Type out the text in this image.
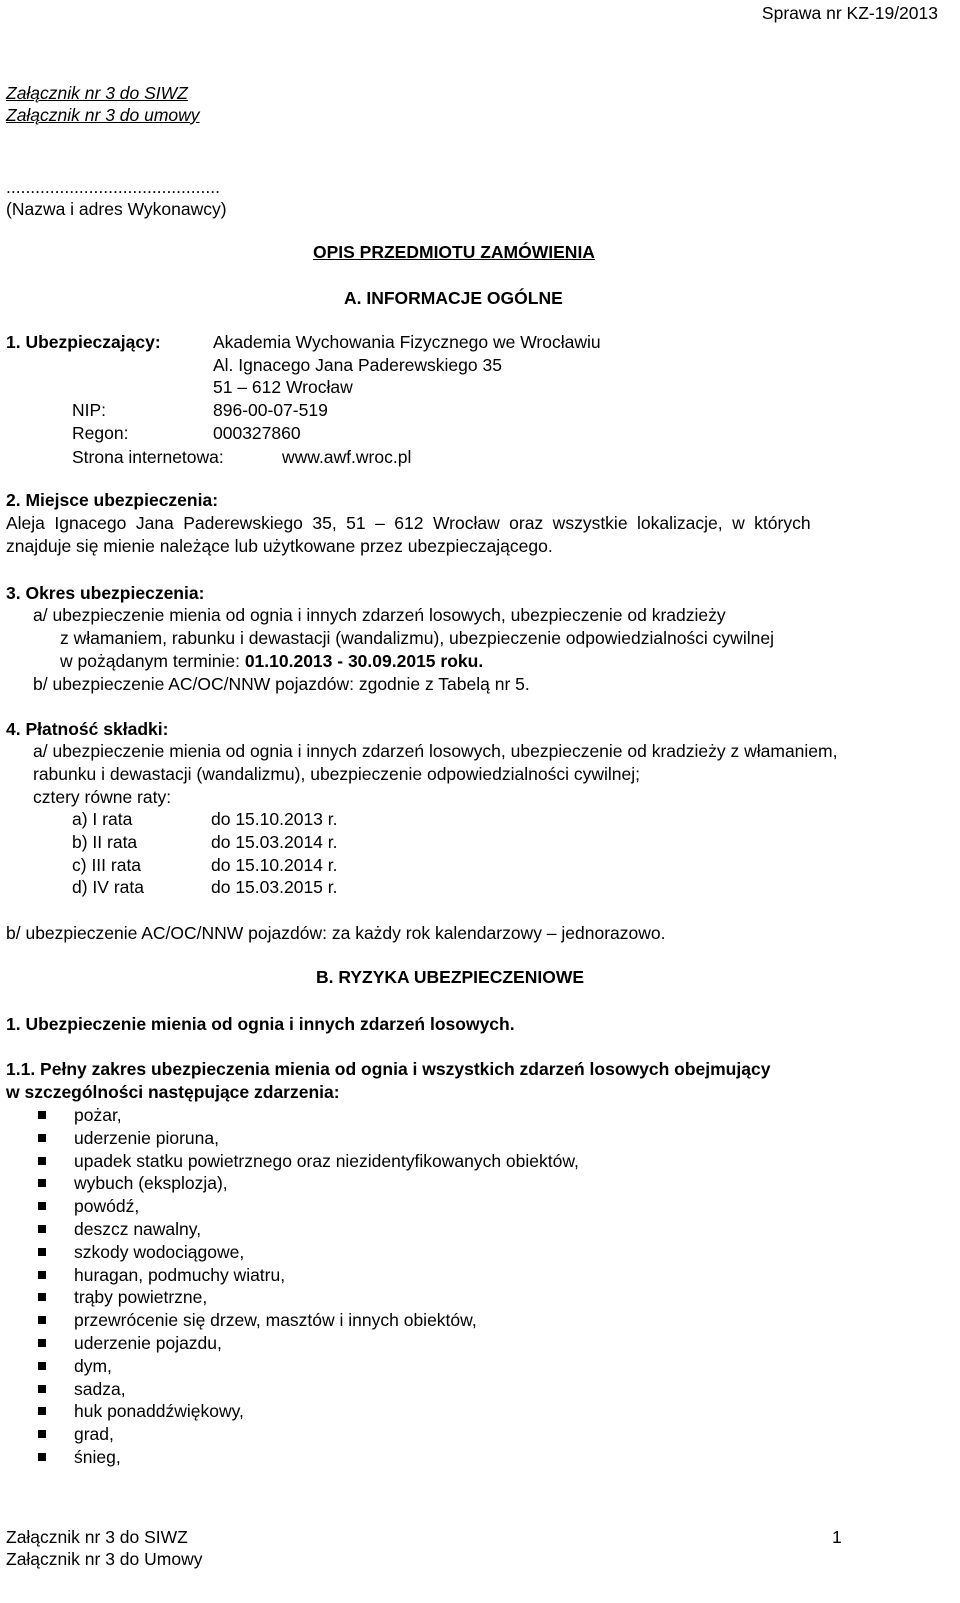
Sprawa nr KZ-19/2013
Załącznik nr 3 do SIWZ
Załącznik nr 3 do umowy
............................................
(Nazwa i adres Wykonawcy)
OPIS PRZEDMIOTU ZAMÓWIENIA
A. INFORMACJE OGÓLNE
1. Ubezpieczający:	Akademia Wychowania Fizycznego we Wrocławiu
Al. Ignacego Jana Paderewskiego 35
51 – 612 Wrocław
NIP:	896-00-07-519
Regon:	000327860
Strona internetowa:	www.awf.wroc.pl
2. Miejsce ubezpieczenia:
Aleja Ignacego Jana Paderewskiego 35, 51 – 612 Wrocław oraz wszystkie lokalizacje, w których
znajduje się mienie należące lub użytkowane przez ubezpieczającego.
3. Okres ubezpieczenia:
a/ ubezpieczenie mienia od ognia i innych zdarzeń losowych, ubezpieczenie od kradzieży
z włamaniem, rabunku i dewastacji (wandalizmu), ubezpieczenie odpowiedzialności cywilnej
w pożądanym terminie: 01.10.2013 - 30.09.2015 roku.
b/ ubezpieczenie AC/OC/NNW pojazdów: zgodnie z Tabelą nr 5.
4. Płatność składki:
a/ ubezpieczenie mienia od ognia i innych zdarzeń losowych, ubezpieczenie od kradzieży z włamaniem,
rabunku i dewastacji (wandalizmu), ubezpieczenie odpowiedzialności cywilnej;
cztery równe raty:
a) I rata	do 15.10.2013 r.
b) II rata	do 15.03.2014 r.
c) III rata	do 15.10.2014 r.
d) IV rata	do 15.03.2015 r.
b/ ubezpieczenie AC/OC/NNW pojazdów: za każdy rok kalendarzowy – jednorazowo.
B. RYZYKA UBEZPIECZENIOWE
1. Ubezpieczenie mienia od ognia i innych zdarzeń losowych.
1.1. Pełny zakres ubezpieczenia mienia od ognia i wszystkich zdarzeń losowych obejmujący
w szczególności następujące zdarzenia:
pożar,
uderzenie pioruna,
upadek statku powietrznego oraz niezidentyfikowanych obiektów,
wybuch (eksplozja),
powódź,
deszcz nawalny,
szkody wodociągowe,
huragan, podmuchy wiatru,
trąby powietrzne,
przewrócenie się drzew, masztów i innych obiektów,
uderzenie pojazdu,
dym,
sadza,
huk ponaddźwiękowy,
grad,
śnieg,
Załącznik nr 3 do SIWZ
Załącznik nr 3 do Umowy
1
